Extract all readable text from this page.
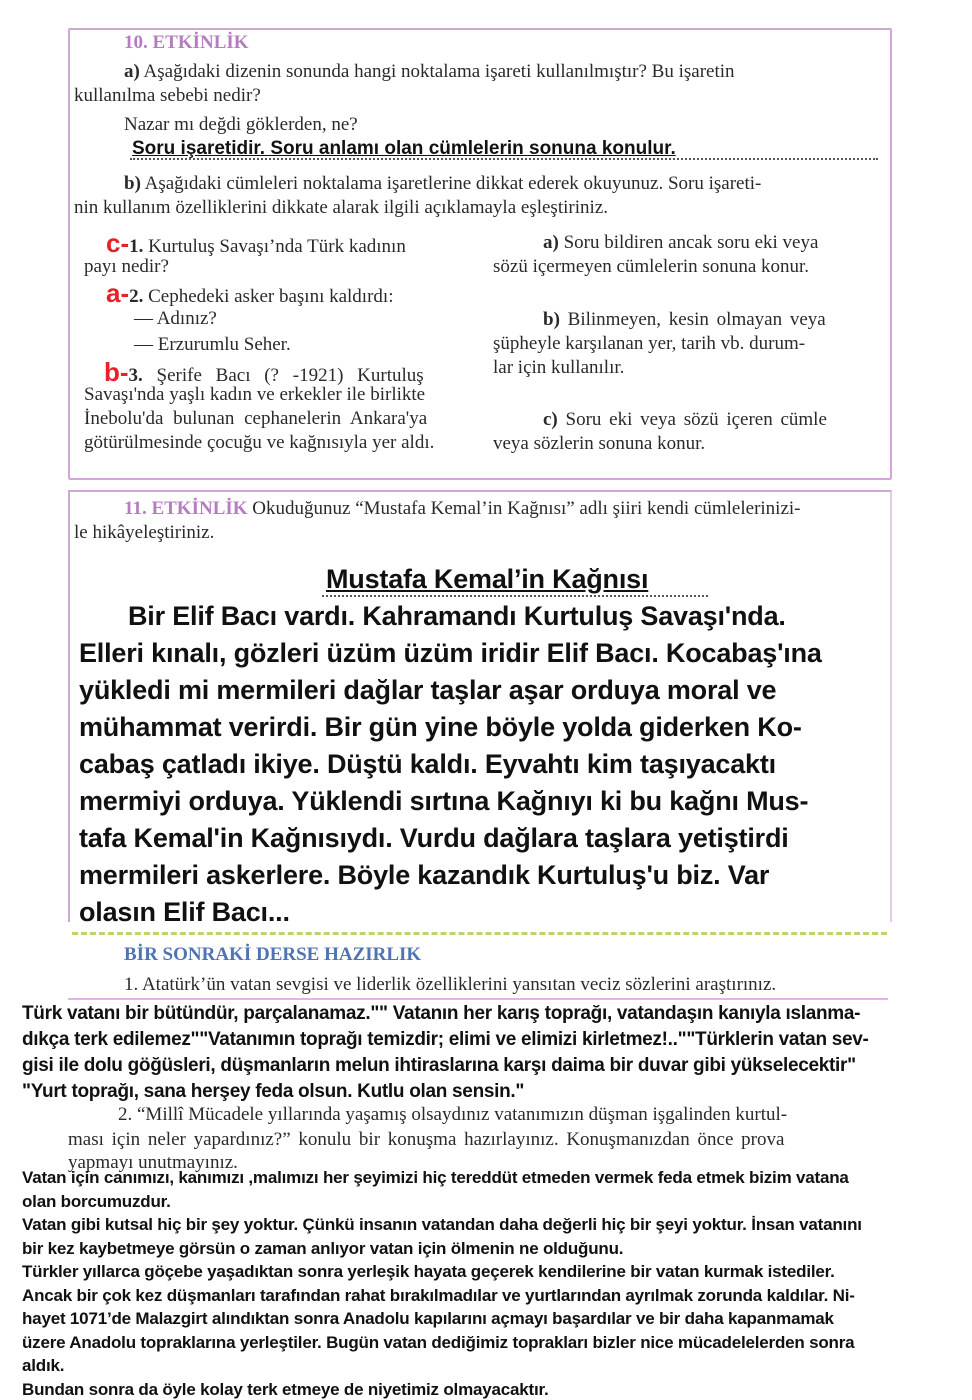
10. ETKİNLİK
a) Aşağıdaki dizenin sonunda hangi noktalama işareti kullanılmıştır? Bu işaretin
kullanılma sebebi nedir?
Nazar mı değdi göklerden, ne?
Soru işaretidir. Soru anlamı olan cümlelerin sonuna konulur.
b) Aşağıdaki cümleleri noktalama işaretlerine dikkat ederek okuyunuz. Soru işareti-
nin kullanım özelliklerini dikkate alarak ilgili açıklamayla eşleştiriniz.
c-1. Kurtuluş Savaşı’nda Türk kadının
payı nedir?
a-2. Cephedeki asker başını kaldırdı:
— Adınız?
— Erzurumlu Seher.
b-3. Şerife Bacı (? -1921) Kurtuluş
Savaşı'nda yaşlı kadın ve erkekler ile birlikte
İnebolu'da bulunan cephanelerin Ankara'ya
götürülmesinde çocuğu ve kağnısıyla yer aldı.
a) Soru bildiren ancak soru eki veya
sözü içermeyen cümlelerin sonuna konur.
b) Bilinmeyen, kesin olmayan veya
şüpheyle karşılanan yer, tarih vb. durum-
lar için kullanılır.
c) Soru eki veya sözü içeren cümle
veya sözlerin sonuna konur.
11. ETKİNLİK Okuduğunuz “Mustafa Kemal’in Kağnısı” adlı şiiri kendi cümlelerinizi-
le hikâyeleştiriniz.
Mustafa Kemal’in Kağnısı
Bir Elif Bacı vardı. Kahramandı Kurtuluş Savaşı'nda.
Elleri kınalı, gözleri üzüm üzüm iridir Elif Bacı. Kocabaş'ına
yükledi mi mermileri dağlar taşlar aşar orduya moral ve
mühammat verirdi. Bir gün yine böyle yolda giderken Ko-
cabaş çatladı ikiye. Düştü kaldı. Eyvahtı kim taşıyacaktı
mermiyi orduya. Yüklendi sırtına Kağnıyı ki bu kağnı Mus-
tafa Kemal'in Kağnısıydı. Vurdu dağlara taşlara yetiştirdi
mermileri askerlere. Böyle kazandık Kurtuluş'u biz. Var
olasın Elif Bacı...
BİR SONRAKİ DERSE HAZIRLIK
1. Atatürk’ün vatan sevgisi ve liderlik özelliklerini yansıtan veciz sözlerini araştırınız.
Türk vatanı bir bütündür, parçalanamaz."" Vatanın her karış toprağı, vatandaşın kanıyla ıslanma-
dıkça terk edilemez""Vatanımın toprağı temizdir; elimi ve elimizi kirletmez!..""Türklerin vatan sev-
gisi ile dolu göğüsleri, düşmanların melun ihtiraslarına karşı daima bir duvar gibi yükselecektir"
"Yurt toprağı, sana herşey feda olsun. Kutlu olan sensin."
2. “Millî Mücadele yıllarında yaşamış olsaydınız vatanımızın düşman işgalinden kurtul-
ması için neler yapardınız?” konulu bir konuşma hazırlayınız. Konuşmanızdan önce prova
yapmayı unutmayınız.
Vatan için canımızı, kanımızı ,malımızı her şeyimizi hiç tereddüt etmeden vermek feda etmek bizim vatana
olan borcumuzdur.
Vatan gibi kutsal hiç bir şey yoktur. Çünkü insanın vatandan daha değerli hiç bir şeyi yoktur. İnsan vatanını
bir kez kaybetmeye görsün o zaman anlıyor vatan için ölmenin ne olduğunu.
Türkler yıllarca göçebe yaşadıktan sonra yerleşik hayata geçerek kendilerine bir vatan kurmak istediler.
Ancak bir çok kez düşmanları tarafından rahat bırakılmadılar ve yurtlarından ayrılmak zorunda kaldılar. Ni-
hayet 1071’de Malazgirt alındıktan sonra Anadolu kapılarını açmayı başardılar ve bir daha kapanmamak
üzere Anadolu topraklarına yerleştiler. Bugün vatan dediğimiz toprakları bizler nice mücadelelerden sonra
aldık.
Bundan sonra da öyle kolay terk etmeye de niyetimiz olmayacaktır.
